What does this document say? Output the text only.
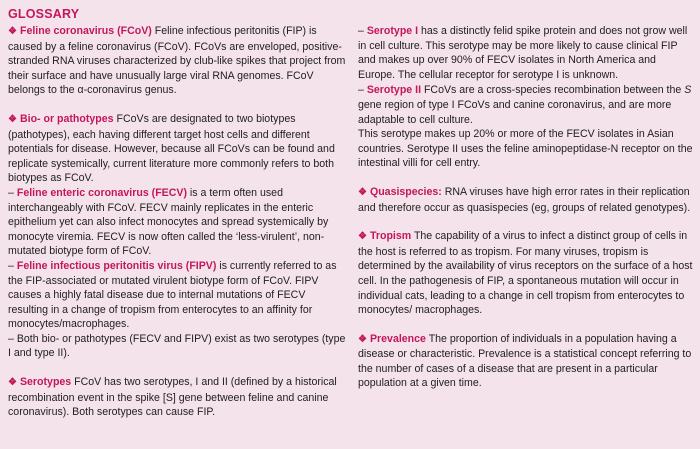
GLOSSARY

❖ Feline coronavirus (FCoV) Feline infectious peritonitis (FIP) is caused by a feline coronavirus (FCoV). FCoVs are enveloped, positive-stranded RNA viruses characterized by club-like spikes that project from their surface and have unusually large viral RNA genomes. FCoV belongs to the α-coronavirus genus.

❖ Bio- or pathotypes FCoVs are designated to two biotypes (pathotypes), each having different target host cells and different potentials for disease. However, because all FCoVs can be found and replicate systemically, current literature more commonly refers to both biotypes as FCoV.

– Feline enteric coronavirus (FECV) is a term often used interchangeably with FCoV. FECV mainly replicates in the enteric epithelium yet can also infect monocytes and spread systemically by monocyte viremia. FECV is now often called the ‘less-virulent’, non-mutated biotype form of FCoV.

– Feline infectious peritonitis virus (FIPV) is currently referred to as the FIP-associated or mutated virulent biotype form of FCoV. FIPV causes a highly fatal disease due to internal mutations of FECV resulting in a change of tropism from enterocytes to an affinity for monocytes/macrophages.

– Both bio- or pathotypes (FECV and FIPV) exist as two serotypes (type I and type II).

❖ Serotypes FCoV has two serotypes, I and II (defined by a historical recombination event in the spike [S] gene between feline and canine coronavirus). Both serotypes can cause FIP.

– Serotype I has a distinctly felid spike protein and does not grow well in cell culture. This serotype may be more likely to cause clinical FIP and makes up over 90% of FECV isolates in North America and Europe. The cellular receptor for serotype I is unknown.

– Serotype II FCoVs are a cross-species recombination between the S gene region of type I FCoVs and canine coronavirus, and are more adaptable to cell culture.

This serotype makes up 20% or more of the FECV isolates in Asian countries. Serotype II uses the feline aminopeptidase-N receptor on the intestinal villi for cell entry.

❖ Quasispecies: RNA viruses have high error rates in their replication and therefore occur as quasispecies (eg, groups of related genotypes).

❖ Tropism The capability of a virus to infect a distinct group of cells in the host is referred to as tropism. For many viruses, tropism is determined by the availability of virus receptors on the surface of a host cell. In the pathogenesis of FIP, a spontaneous mutation will occur in individual cats, leading to a change in cell tropism from enterocytes to monocytes/ macrophages.

❖ Prevalence The proportion of individuals in a population having a disease or characteristic. Prevalence is a statistical concept referring to the number of cases of a disease that are present in a particular population at a given time.
